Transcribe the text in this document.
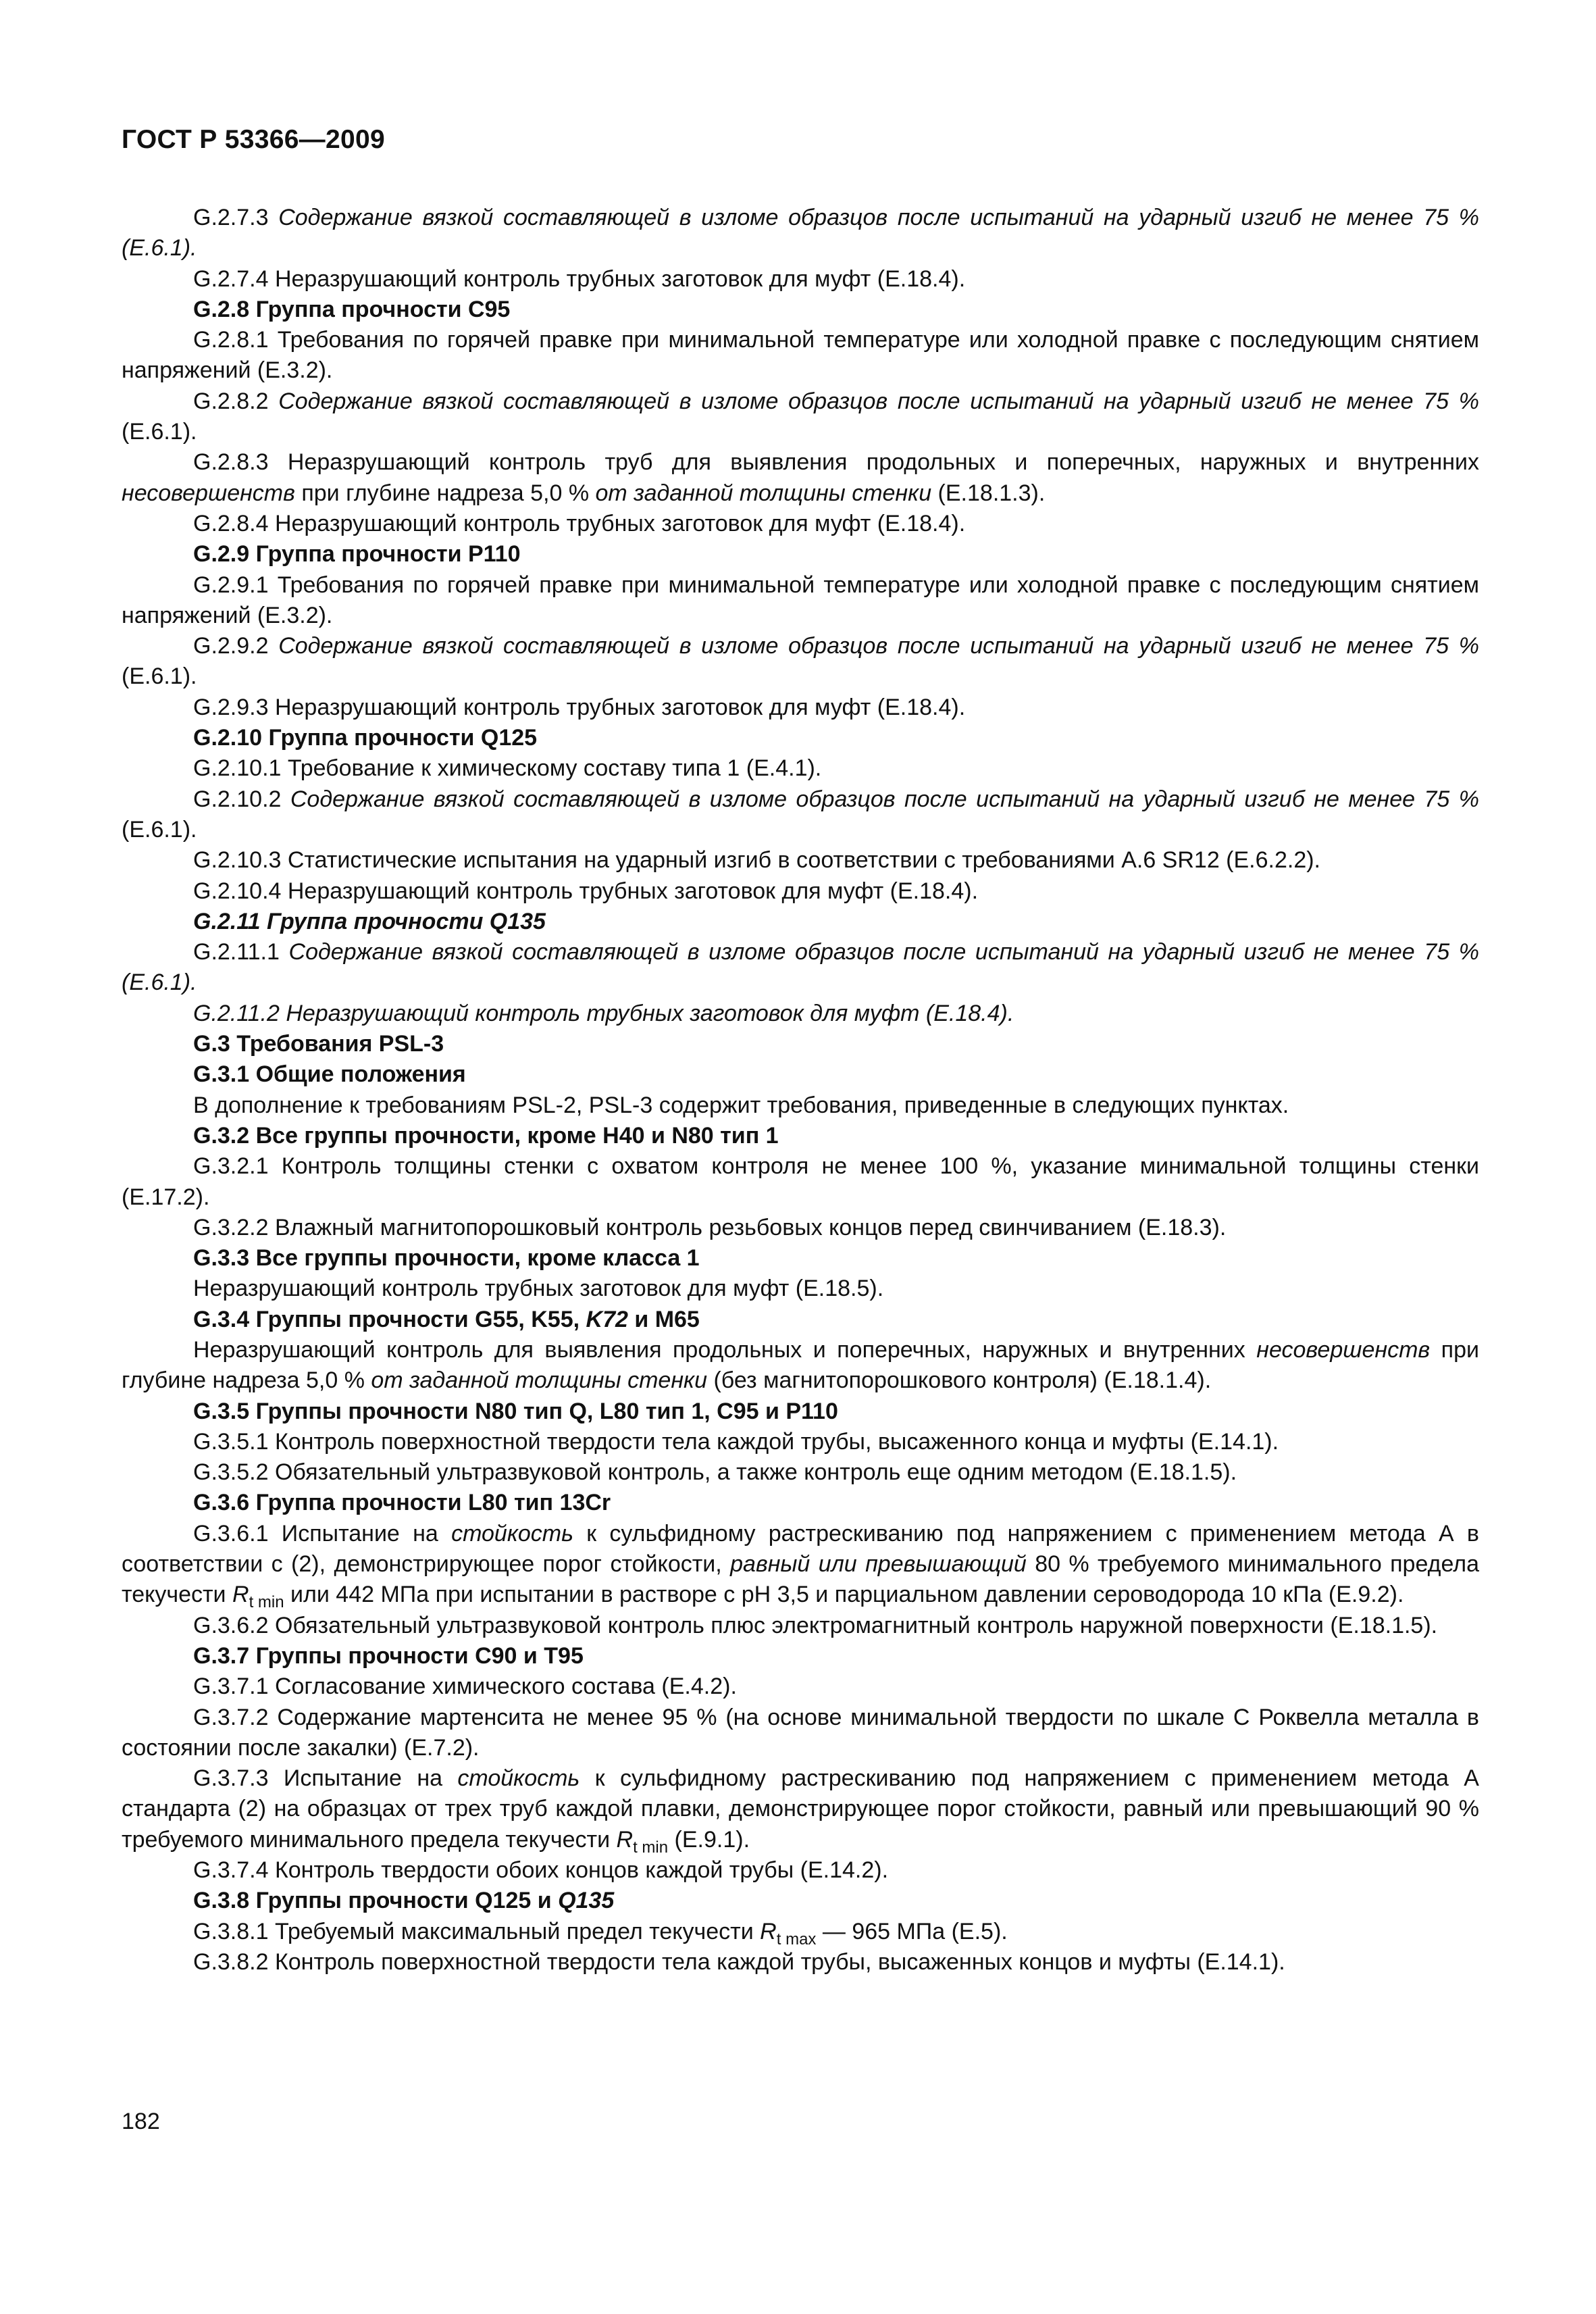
ГОСТ Р 53366—2009

G.2.7.3 Содержание вязкой составляющей в изломе образцов после испытаний на ударный изгиб не менее 75 % (Е.6.1).

G.2.7.4 Неразрушающий контроль трубных заготовок для муфт (Е.18.4).

G.2.8 Группа прочности С95

G.2.8.1 Требования по горячей правке при минимальной температуре или холодной правке с последующим снятием напряжений (Е.3.2).

G.2.8.2 Содержание вязкой составляющей в изломе образцов после испытаний на ударный изгиб не менее 75 % (Е.6.1).

G.2.8.3 Неразрушающий контроль труб для выявления продольных и поперечных, наружных и внутренних несовершенств при глубине надреза 5,0 % от заданной толщины стенки (Е.18.1.3).

G.2.8.4 Неразрушающий контроль трубных заготовок для муфт (Е.18.4).

G.2.9 Группа прочности Р110

G.2.9.1 Требования по горячей правке при минимальной температуре или холодной правке с последующим снятием напряжений (Е.3.2).

G.2.9.2 Содержание вязкой составляющей в изломе образцов после испытаний на ударный изгиб не менее 75 % (Е.6.1).

G.2.9.3 Неразрушающий контроль трубных заготовок для муфт (Е.18.4).

G.2.10 Группа прочности Q125

G.2.10.1 Требование к химическому составу типа 1 (Е.4.1).

G.2.10.2 Содержание вязкой составляющей в изломе образцов после испытаний на ударный изгиб не менее 75 % (Е.6.1).

G.2.10.3 Статистические испытания на ударный изгиб в соответствии с требованиями А.6 SR12 (Е.6.2.2).

G.2.10.4 Неразрушающий контроль трубных заготовок для муфт (Е.18.4).

G.2.11 Группа прочности Q135

G.2.11.1 Содержание вязкой составляющей в изломе образцов после испытаний на ударный изгиб не менее 75 % (Е.6.1).

G.2.11.2 Неразрушающий контроль трубных заготовок для муфт (Е.18.4).

G.3 Требования PSL-3

G.3.1 Общие положения

В дополнение к требованиям PSL-2, PSL-3 содержит требования, приведенные в следующих пунктах.

G.3.2 Все группы прочности, кроме Н40 и N80 тип 1

G.3.2.1 Контроль толщины стенки с охватом контроля не менее 100 %, указание минимальной толщины стенки (Е.17.2).

G.3.2.2 Влажный магнитопорошковый контроль резьбовых концов перед свинчиванием (Е.18.3).

G.3.3 Все группы прочности, кроме класса 1

Неразрушающий контроль трубных заготовок для муфт (Е.18.5).

G.3.4 Группы прочности G55, K55, K72 и M65

Неразрушающий контроль для выявления продольных и поперечных, наружных и внутренних несовершенств при глубине надреза 5,0 % от заданной толщины стенки (без магнитопорошкового контроля) (Е.18.1.4).

G.3.5 Группы прочности N80 тип Q, L80 тип 1, С95 и Р110

G.3.5.1 Контроль поверхностной твердости тела каждой трубы, высаженного конца и муфты (Е.14.1).

G.3.5.2 Обязательный ультразвуковой контроль, а также контроль еще одним методом (Е.18.1.5).

G.3.6 Группа прочности L80 тип 13Cr

G.3.6.1 Испытание на стойкость к сульфидному растрескиванию под напряжением с применением метода А в соответствии с (2), демонстрирующее порог стойкости, равный или превышающий 80 % требуемого минимального предела текучести $R_{t min}$ или 442 МПа при испытании в растворе с pH 3,5 и парциальном давлении сероводорода 10 кПа (Е.9.2).

G.3.6.2 Обязательный ультразвуковой контроль плюс электромагнитный контроль наружной поверхности (Е.18.1.5).

G.3.7 Группы прочности С90 и Т95

G.3.7.1 Согласование химического состава (Е.4.2).

G.3.7.2 Содержание мартенсита не менее 95 % (на основе минимальной твердости по шкале С Роквелла металла в состоянии после закалки) (Е.7.2).

G.3.7.3 Испытание на стойкость к сульфидному растрескиванию под напряжением с применением метода А стандарта (2) на образцах от трех труб каждой плавки, демонстрирующее порог стойкости, равный или превышающий 90 % требуемого минимального предела текучести $R_{t min}$ (Е.9.1).

G.3.7.4 Контроль твердости обоих концов каждой трубы (Е.14.2).

G.3.8 Группы прочности Q125 и Q135

G.3.8.1 Требуемый максимальный предел текучести $R_{t max}$ — 965 МПа (Е.5).

G.3.8.2 Контроль поверхностной твердости тела каждой трубы, высаженных концов и муфты (Е.14.1).

182
